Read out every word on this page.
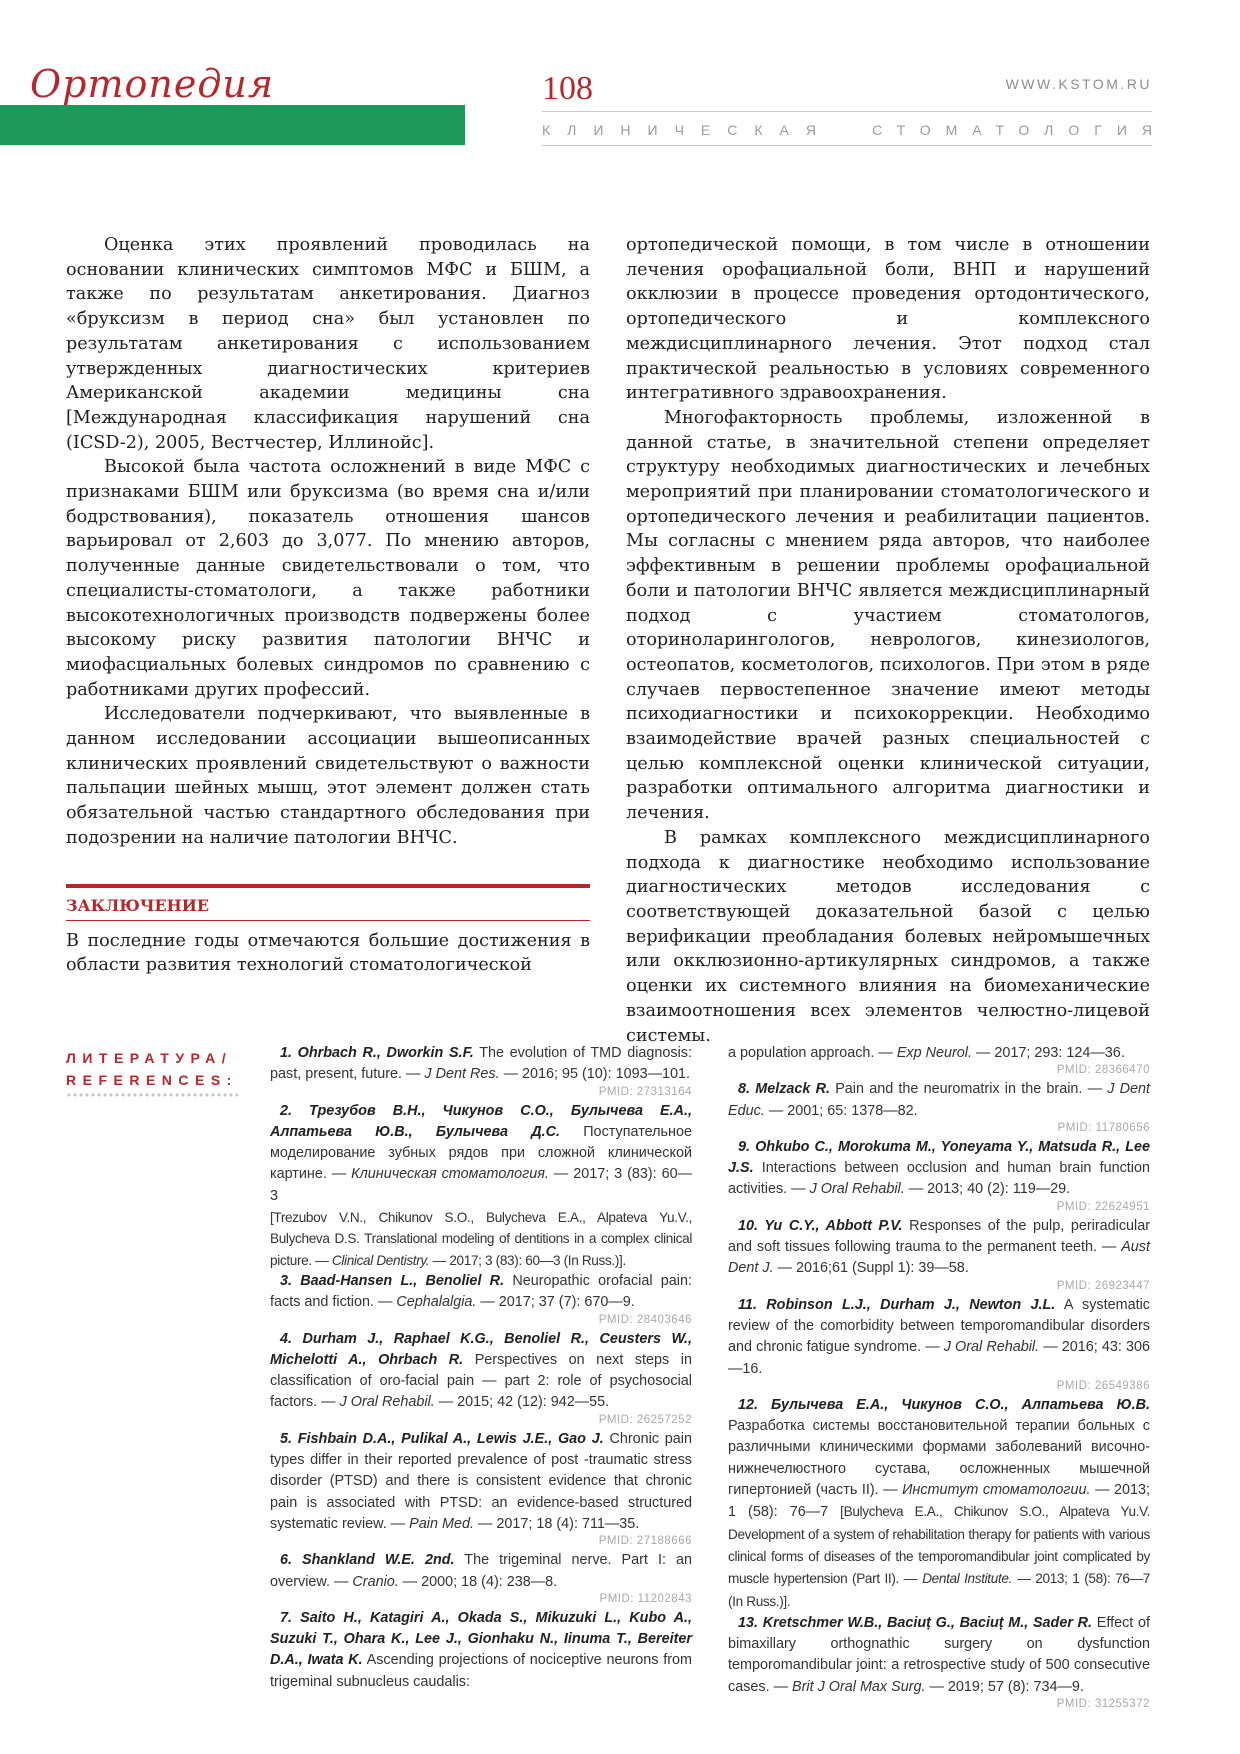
Ортопедия	108	WWW.KSTOM.RU
КЛИНИЧЕСКАЯ	СТОМАТОЛОГИЯ

Оценка этих проявлений проводилась на основании клинических симптомов МФС и БШМ, а также по результатам анкетирования. Диагноз «бруксизм в период сна» был установлен по результатам анкетирования с использованием утвержденных диагностических критериев Американской академии медицины сна [Международная классификация нарушений сна (ICSD-2), 2005, Вестчестер, Иллинойс].

Высокой была частота осложнений в виде МФС с признаками БШМ или бруксизма (во время сна и/или бодрствования), показатель отношения шансов варьировал от 2,603 до 3,077. По мнению авторов, полученные данные свидетельствовали о том, что специалисты-стоматологи, а также работники высокотехнологичных производств подвержены более высокому риску развития патологии ВНЧС и миофасциальных болевых синдромов по сравнению с работниками других профессий.

Исследователи подчеркивают, что выявленные в данном исследовании ассоциации вышеописанных клинических проявлений свидетельствуют о важности пальпации шейных мышц, этот элемент должен стать обязательной частью стандартного обследования при подозрении на наличие патологии ВНЧС.

ЗАКЛЮЧЕНИЕ

В последние годы отмечаются большие достижения в области развития технологий стоматологической

ортопедической помощи, в том числе в отношении лечения орофациальной боли, ВНП и нарушений окклюзии в процессе проведения ортодонтического, ортопедического и комплексного междисциплинарного лечения. Этот подход стал практической реальностью в условиях современного интегративного здравоохранения.

Многофакторность проблемы, изложенной в данной статье, в значительной степени определяет структуру необходимых диагностических и лечебных мероприятий при планировании стоматологического и ортопедического лечения и реабилитации пациентов. Мы согласны с мнением ряда авторов, что наиболее эффективным в решении проблемы орофациальной боли и патологии ВНЧС является междисциплинарный подход с участием стоматологов, оториноларингологов, неврологов, кинезиологов, остеопатов, косметологов, психологов. При этом в ряде случаев первостепенное значение имеют методы психодиагностики и психокоррекции. Необходимо взаимодействие врачей разных специальностей с целью комплексной оценки клинической ситуации, разработки оптимального алгоритма диагностики и лечения.

В рамках комплексного междисциплинарного подхода к диагностике необходимо использование диагностических методов исследования с соответствующей доказательной базой с целью верификации преобладания болевых нейромышечных или окклюзионно-артикулярных синдромов, а также оценки их системного влияния на биомеханические взаимоотношения всех элементов челюстно-лицевой системы.

ЛИТЕРАТУРА/
REFERENCES:

1. Ohrbach R., Dworkin S.F. The evolution of TMD diagnosis: past, present, future. — J Dent Res. — 2016; 95 (10): 1093—101.

PMID: 27313164

2. Трезубов В.Н., Чикунов С.О., Булычева Е.А., Алпатьева Ю.В., Булычева Д.С. Поступательное моделирование зубных рядов при сложной клинической картине. — Клиническая стоматология. — 2017; 3 (83): 60—3

[Trezubov V.N., Chikunov S.O., Bulycheva E.A., Alpateva Yu.V., Bulycheva D.S. Translational modeling of dentitions in a complex clinical picture. — Clinical Dentistry. — 2017; 3 (83): 60—3 (In Russ.)].

3. Baad-Hansen L., Benoliel R. Neuropathic orofacial pain: facts and fiction. — Cephalalgia. — 2017; 37 (7): 670—9.

PMID: 28403646

4. Durham J., Raphael K.G., Benoliel R., Ceusters W., Michelotti A., Ohrbach R. Perspectives on next steps in classification of oro-facial pain — part 2: role of psychosocial factors. — J Oral Rehabil. — 2015; 42 (12): 942—55.

PMID: 26257252

5. Fishbain D.A., Pulikal A., Lewis J.E., Gao J. Chronic pain types differ in their reported prevalence of post -traumatic stress disorder (PTSD) and there is consistent evidence that chronic pain is associated with PTSD: an evidence-based structured systematic review. — Pain Med. — 2017; 18 (4): 711—35.

PMID: 27188666

6. Shankland W.E. 2nd. The trigeminal nerve. Part I: an overview. — Cranio. — 2000; 18 (4): 238—8.

PMID: 11202843

7. Saito H., Katagiri A., Okada S., Mikuzuki L., Kubo A., Suzuki T., Ohara K., Lee J., Gionhaku N., Iinuma T., Bereiter D.A., Iwata K. Ascending projections of nociceptive neurons from trigeminal subnucleus caudalis:

a population approach. — Exp Neurol. — 2017; 293: 124—36.

PMID: 28366470

8. Melzack R. Pain and the neuromatrix in the brain. — J Dent Educ. — 2001; 65: 1378—82.

PMID: 11780656

9. Ohkubo C., Morokuma M., Yoneyama Y., Matsuda R., Lee J.S. Interactions between occlusion and human brain function activities. — J Oral Rehabil. — 2013; 40 (2): 119—29.

PMID: 22624951

10. Yu C.Y., Abbott P.V. Responses of the pulp, periradicular and soft tissues following trauma to the permanent teeth. — Aust Dent J. — 2016;61 (Suppl 1): 39—58.

PMID: 26923447

11. Robinson L.J., Durham J., Newton J.L. A systematic review of the comorbidity between temporomandibular disorders and chronic fatigue syndrome. — J Oral Rehabil. — 2016; 43: 306—16.

PMID: 26549386

12. Булычева Е.А., Чикунов С.О., Алпатьева Ю.В. Разработка системы восстановительной терапии больных с различными клиническими формами заболеваний височно-нижнечелюстного сустава, осложненных мышечной гипертонией (часть II). — Институт стоматологии. — 2013; 1 (58): 76—7 [Bulycheva E.A., Chikunov S.O., Alpateva Yu.V. Development of a system of rehabilitation therapy for patients with various clinical forms of diseases of the temporomandibular joint complicated by muscle hypertension (Part II). — Dental Institute. — 2013; 1 (58): 76—7 (In Russ.)].

13. Kretschmer W.B., Baciuț G., Baciuț M., Sader R. Effect of bimaxillary orthognathic surgery on dysfunction temporomandibular joint: a retrospective study of 500 consecutive cases. — Brit J Oral Max Surg. — 2019; 57 (8): 734—9.

PMID: 31255372
